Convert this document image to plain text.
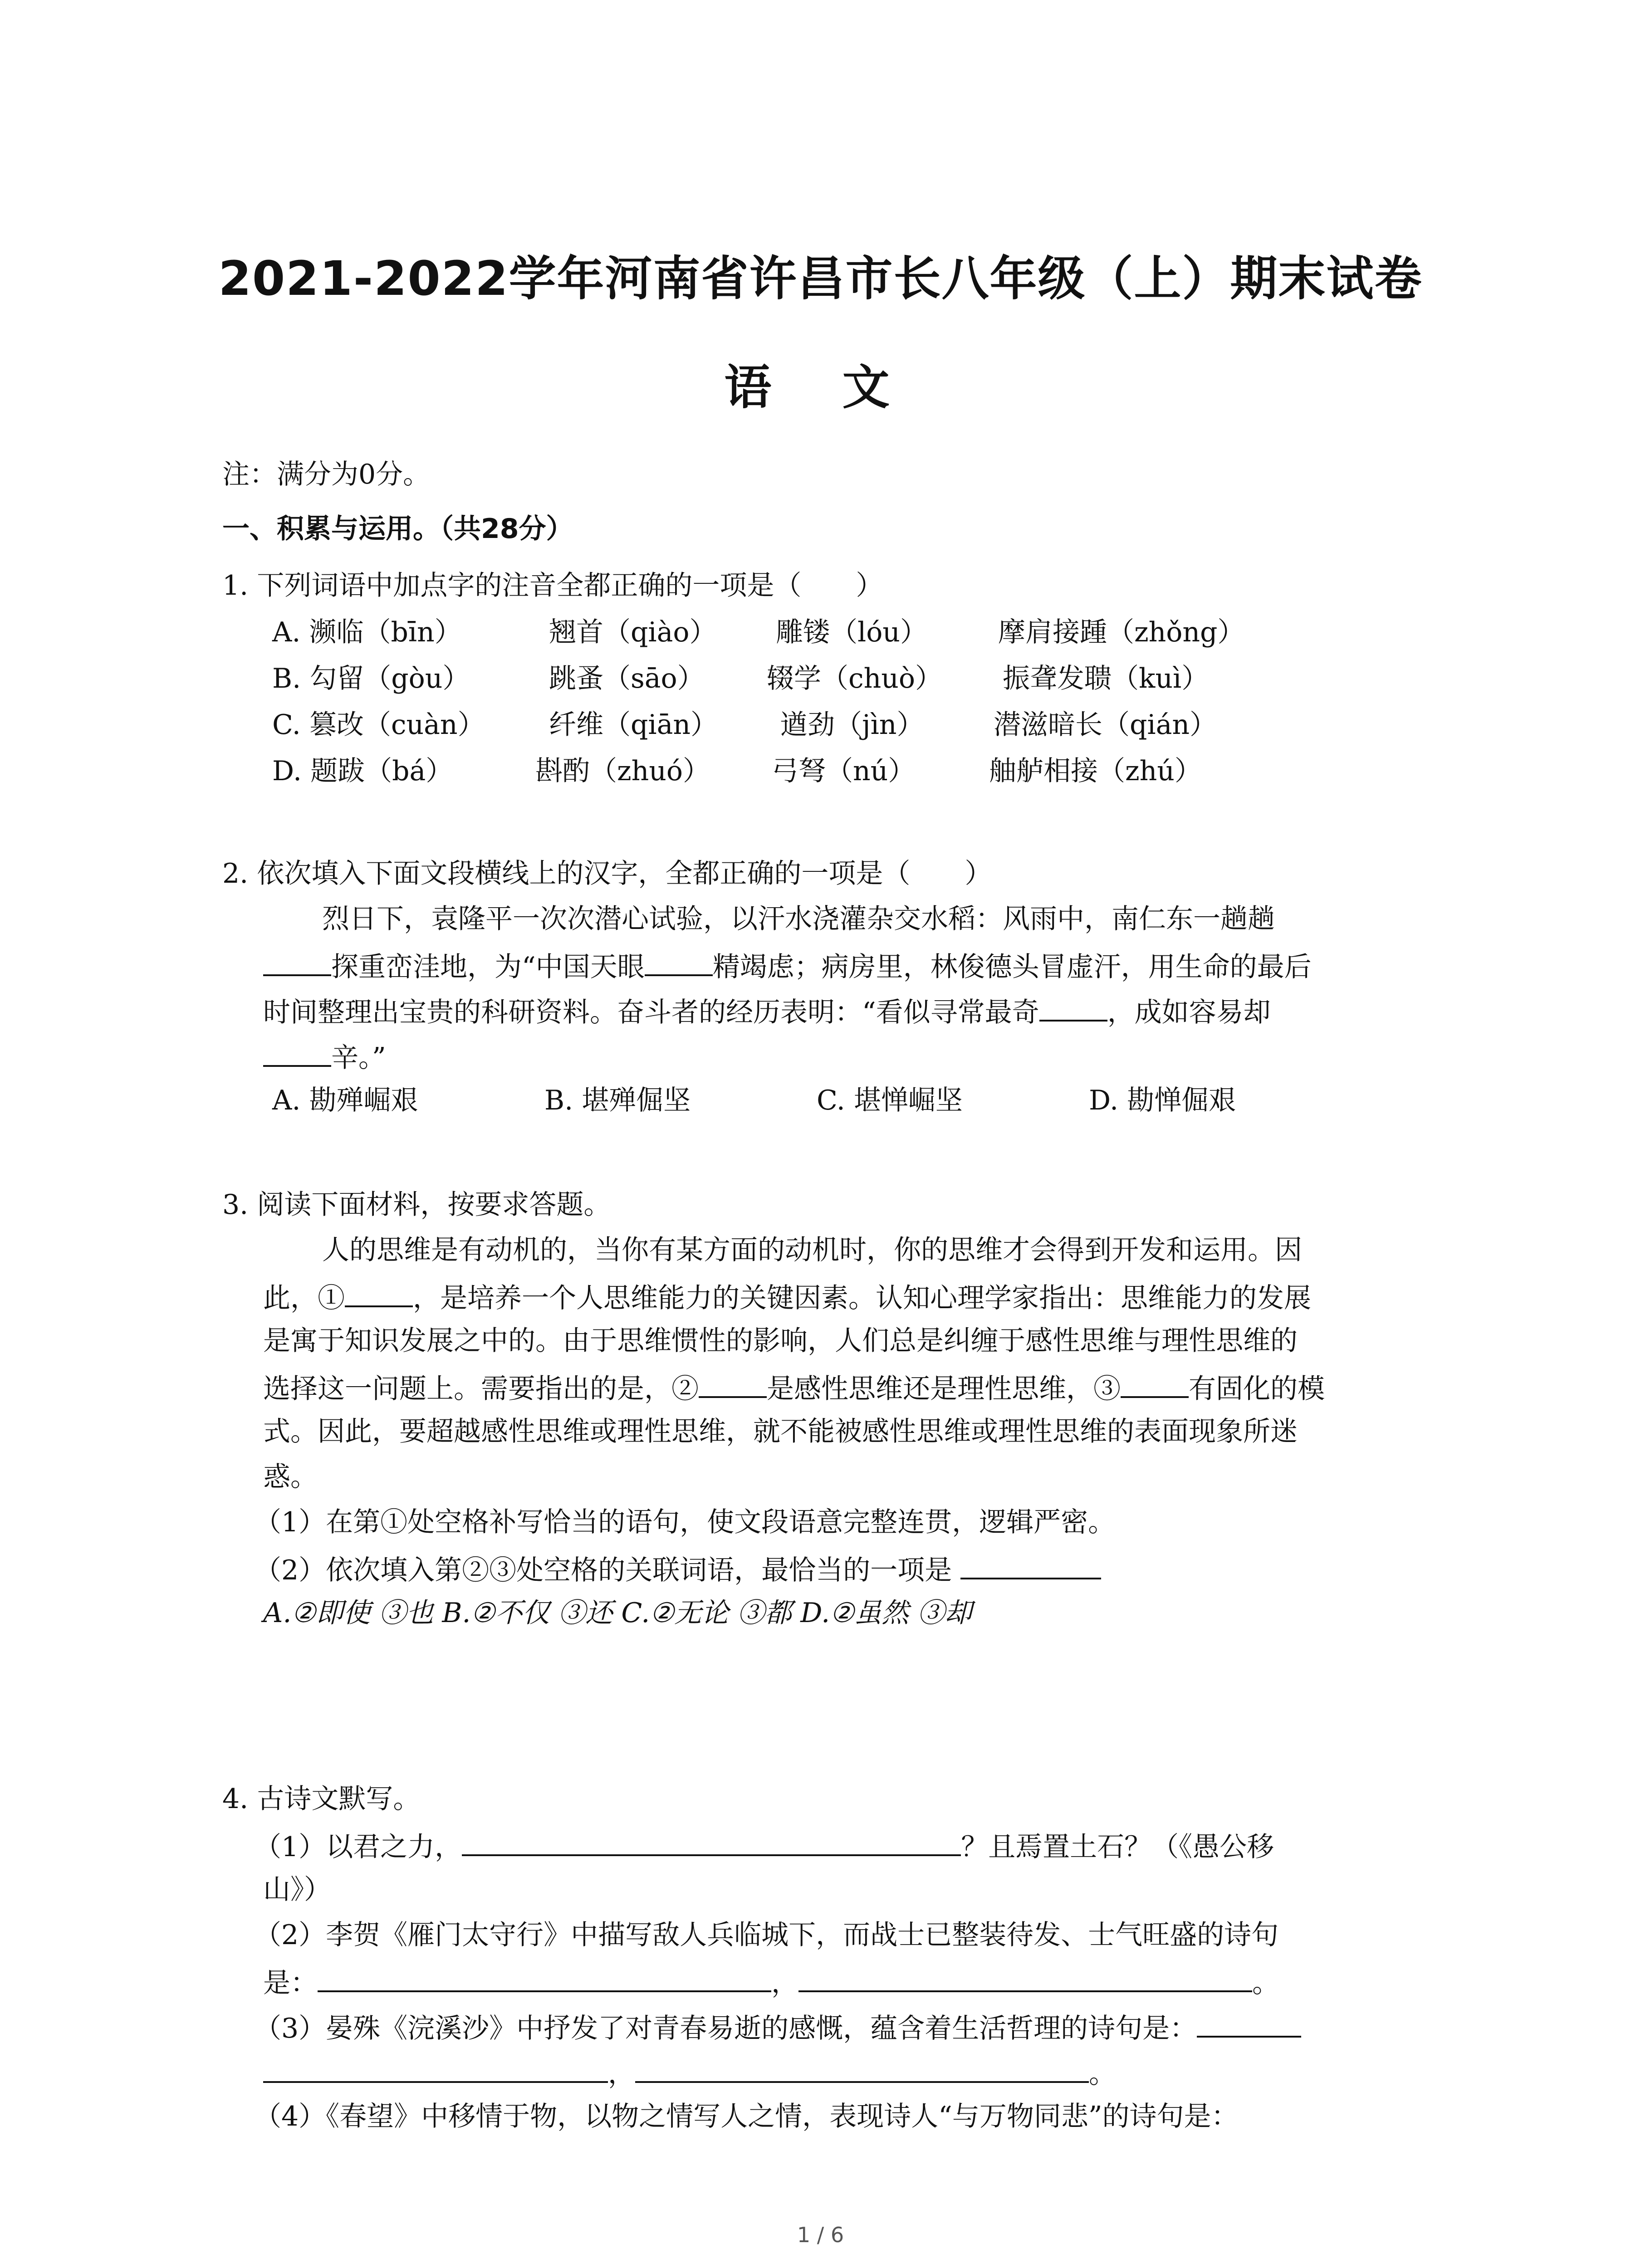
2021-2022学年河南省许昌市长八年级（上）期末试卷
语 文
注：满分为0分。
一、积累与运用。（共28分）
1. 下列词语中加点字的注音全都正确的一项是（　　）
A. 濒临（bīn）	翘首（qiào） 雕镂（lóu）	摩肩接踵（zhǒng）
B. 勾留（gòu）	跳蚤（sāo） 辍学（chuò） 振聋发聩（kuì）
C. 篡改（cuàn） 纤维（qiān） 遒劲（jìn）	潜滋暗长（qián）
D. 题跋（bá）	斟酌（zhuó） 弓弩（nú）	舳舻相接（zhú）
2. 依次填入下面文段横线上的汉字，全都正确的一项是（　　）
烈日下，袁隆平一次次潜心试验，以汗水浇灌杂交水稻：风雨中，南仁东一趟趟
探重峦洼地，为“中国天眼	精竭虑；病房里，林俊德头冒虚汗，用生命的最后
时间整理出宝贵的科研资料。奋斗者的经历表明：“看似寻常最奇	，成如容易却
辛。”
A. 勘殚崛艰	B. 堪殚倔坚	C. 堪惮崛坚	D. 勘惮倔艰
3. 阅读下面材料，按要求答题。
人的思维是有动机的，当你有某方面的动机时，你的思维才会得到开发和运用。因
此，①	，是培养一个人思维能力的关键因素。认知心理学家指出：思维能力的发展
是寓于知识发展之中的。由于思维惯性的影响，人们总是纠缠于感性思维与理性思维的
选择这一问题上。需要指出的是，②	是感性思维还是理性思维，③	有固化的模
式。因此，要超越感性思维或理性思维，就不能被感性思维或理性思维的表面现象所迷
惑。
（1）在第①处空格补写恰当的语句，使文段语意完整连贯，逻辑严密。
（2）依次填入第②③处空格的关联词语，最恰当的一项是
A.②即使 ③也 B.②不仅 ③还 C.②无论 ③都 D.②虽然 ③却
4. 古诗文默写。
（1）以君之力，	？且焉置土石？（《愚公移
山》）
（2）李贺《雁门太守行》中描写敌人兵临城下，而战士已整装待发、士气旺盛的诗句
是：	，	。
（3）晏殊《浣溪沙》中抒发了对青春易逝的感慨，蕴含着生活哲理的诗句是：
，	。
（4）《春望》中移情于物，以物之情写人之情，表现诗人“与万物同悲”的诗句是：
1 / 6
